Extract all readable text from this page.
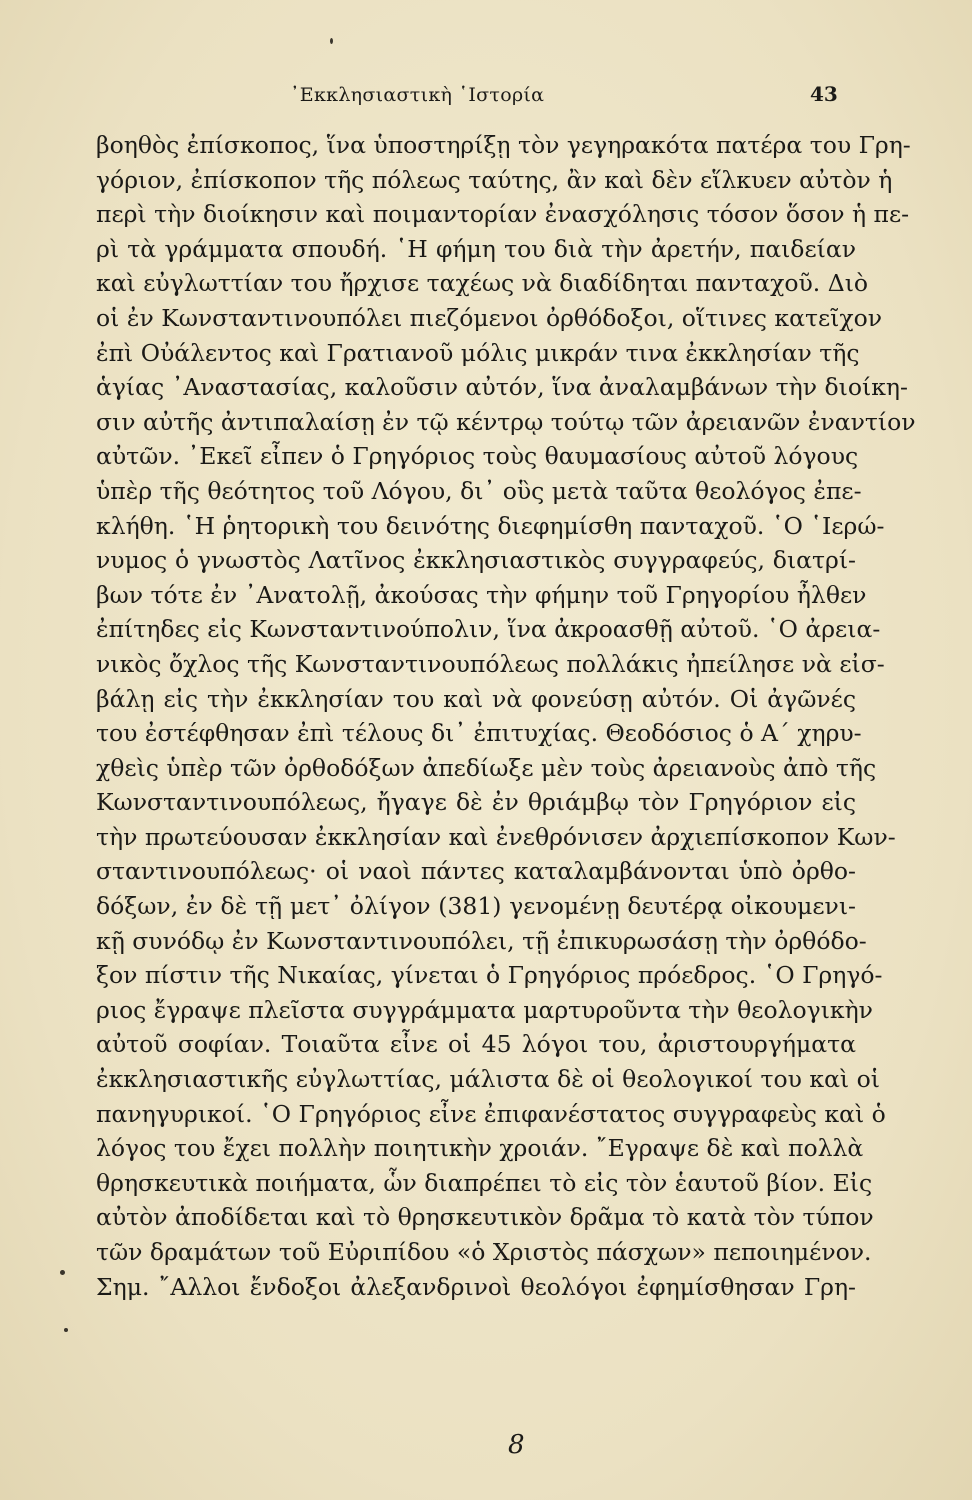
᾿Εκκλησιαστικὴ ῾Ιστορία	43
βοηθὸς ἐπίσκοπος, ἵνα ὑποστηρίξῃ τὸν γεγηρακότα πατέρα του Γρη-
γόριον, ἐπίσκοπον τῆς πόλεως ταύτης, ἂν καὶ δὲν εἵλκυεν αὐτὸν ἡ
περὶ τὴν διοίκησιν καὶ ποιμαντορίαν ἐνασχόλησις τόσον ὅσον ἡ πε-
ρὶ τὰ γράμματα σπουδή. ῾Η φήμη του διὰ τὴν ἀρετήν, παιδείαν
καὶ εὐγλωττίαν του ἤρχισε ταχέως νὰ διαδίδηται πανταχοῦ. Διὸ
οἱ ἐν Κωνσταντινουπόλει πιεζόμενοι ὀρθόδοξοι, οἵτινες κατεῖχον
ἐπὶ Οὐάλεντος καὶ Γρατιανοῦ μόλις μικράν τινα ἐκκλησίαν τῆς
ἁγίας ᾿Αναστασίας, καλοῦσιν αὐτόν, ἵνα ἀναλαμβάνων τὴν διοίκη-
σιν αὐτῆς ἀντιπαλαίσῃ ἐν τῷ κέντρῳ τούτῳ τῶν ἀρειανῶν ἐναντίον
αὐτῶν. ᾿Εκεῖ εἶπεν ὁ Γρηγόριος τοὺς θαυμασίους αὐτοῦ λόγους
ὑπὲρ τῆς θεότητος τοῦ Λόγου, δι᾿ οὓς μετὰ ταῦτα θεολόγος ἐπε-
κλήθη. ῾Η ῥητορικὴ του δεινότης διεφημίσθη πανταχοῦ. ῾Ο ῾Ιερώ-
νυμος ὁ γνωστὸς Λατῖνος ἐκκλησιαστικὸς συγγραφεύς, διατρί-
βων τότε ἐν ᾿Ανατολῇ, ἀκούσας τὴν φήμην τοῦ Γρηγορίου ἦλθεν
ἐπίτηδες εἰς Κωνσταντινούπολιν, ἵνα ἀκροασθῇ αὐτοῦ. ῾Ο ἀρεια-
νικὸς ὄχλος τῆς Κωνσταντινουπόλεως πολλάκις ἠπείλησε νὰ εἰσ-
βάλῃ εἰς τὴν ἐκκλησίαν του καὶ νὰ φονεύσῃ αὐτόν. Οἱ ἀγῶνές
του ἐστέφθησαν ἐπὶ τέλους δι᾿ ἐπιτυχίας. Θεοδόσιος ὁ Α´ χηρυ-
χθεὶς ὑπὲρ τῶν ὀρθοδόξων ἀπεδίωξε μὲν τοὺς ἀρειανοὺς ἀπὸ τῆς
Κωνσταντινουπόλεως, ἤγαγε δὲ ἐν θριάμβῳ τὸν Γρηγόριον εἰς
τὴν πρωτεύουσαν ἐκκλησίαν καὶ ἐνεθρόνισεν ἀρχιεπίσκοπον Κων-
σταντινουπόλεως· οἱ ναοὶ πάντες καταλαμβάνονται ὑπὸ ὀρθο-
δόξων, ἐν δὲ τῇ μετ᾿ ὀλίγον (381) γενομένῃ δευτέρᾳ οἰκουμενι-
κῇ συνόδῳ ἐν Κωνσταντινουπόλει, τῇ ἐπικυρωσάσῃ τὴν ὀρθόδο-
ξον πίστιν τῆς Νικαίας, γίνεται ὁ Γρηγόριος πρόεδρος. ῾Ο Γρηγό-
ριος ἔγραψε πλεῖστα συγγράμματα μαρτυροῦντα τὴν θεολογικὴν
αὐτοῦ σοφίαν. Τοιαῦτα εἶνε οἱ 45 λόγοι του, ἀριστουργήματα
ἐκκλησιαστικῆς εὐγλωττίας, μάλιστα δὲ οἱ θεολογικοί του καὶ οἱ
πανηγυρικοί. ῾Ο Γρηγόριος εἶνε ἐπιφανέστατος συγγραφεὺς καὶ ὁ
λόγος του ἔχει πολλὴν ποιητικὴν χροιάν. ῎Εγραψε δὲ καὶ πολλὰ
θρησκευτικὰ ποιήματα, ὧν διαπρέπει τὸ εἰς τὸν ἑαυτοῦ βίον. Εἰς
αὐτὸν ἀποδίδεται καὶ τὸ θρησκευτικὸν δρᾶμα τὸ κατὰ τὸν τύπον
τῶν δραμάτων τοῦ Εὐριπίδου «ὁ Χριστὸς πάσχων» πεποιημένον.
Σημ. ῎Αλλοι ἔνδοξοι ἀλεξανδρινοὶ θεολόγοι ἐφημίσθησαν Γρη-
8
